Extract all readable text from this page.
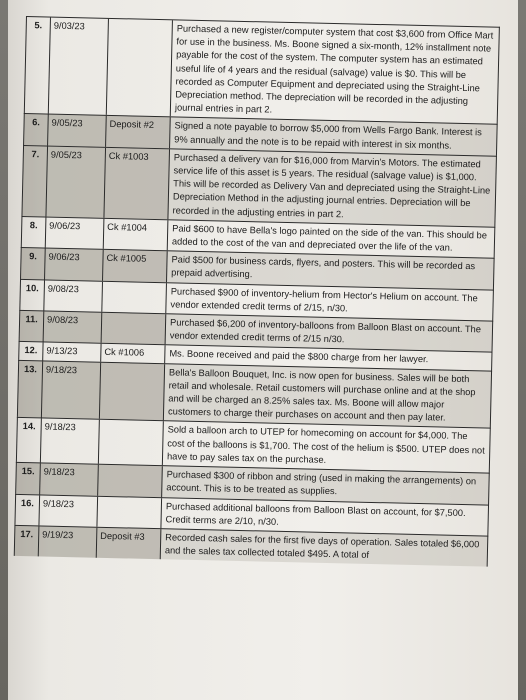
5.	9/03/23	Purchased a new register/computer system that cost $3,600 from Office Mart for use in the business. Ms. Boone signed a six-month, 12% installment note payable for the cost of the system. The computer system has an estimated useful life of 4 years and the residual (salvage) value is $0. This will be recorded as Computer Equipment and depreciated using the Straight-Line Depreciation method. The depreciation will be recorded in the adjusting journal entries in part 2.
6.	9/05/23	Deposit #2	Signed a note payable to borrow $5,000 from Wells Fargo Bank. Interest is 9% annually and the note is to be repaid with interest in six months.
7.	9/05/23	Ck #1003	Purchased a delivery van for $16,000 from Marvin's Motors. The estimated service life of this asset is 5 years. The residual (salvage value) is $1,000. This will be recorded as Delivery Van and depreciated using the Straight-Line Depreciation Method in the adjusting journal entries. Depreciation will be recorded in the adjusting entries in part 2.
8.	9/06/23	Ck #1004	Paid $600 to have Bella's logo painted on the side of the van. This should be added to the cost of the van and depreciated over the life of the van.
9.	9/06/23	Ck #1005	Paid $500 for business cards, flyers, and posters. This will be recorded as prepaid advertising.
10. 9/08/23	Purchased $900 of inventory-helium from Hector's Helium on account. The vendor extended credit terms of 2/15, n/30.
11. 9/08/23	Purchased $6,200 of inventory-balloons from Balloon Blast on account. The vendor extended credit terms of 2/15 n/30.
12. 9/13/23	Ck #1006	Ms. Boone received and paid the $800 charge from her lawyer.
13. 9/18/23	Bella's Balloon Bouquet, Inc. is now open for business. Sales will be both retail and wholesale. Retail customers will purchase online and at the shop and will be charged an 8.25% sales tax. Ms. Boone will allow major customers to charge their purchases on account and then pay later.
14. 9/18/23	Sold a balloon arch to UTEP for homecoming on account for $4,000. The cost of the balloons is $1,700. The cost of the helium is $500. UTEP does not have to pay sales tax on the purchase.
15. 9/18/23	Purchased $300 of ribbon and string (used in making the arrangements) on account. This is to be treated as supplies.
16. 9/18/23	Purchased additional balloons from Balloon Blast on account, for $7,500. Credit terms are 2/10, n/30.
17. 9/19/23	Deposit #3	Recorded cash sales for the first five days of operation. Sales totaled $6,000 and the sales tax collected totaled $495. A total of
